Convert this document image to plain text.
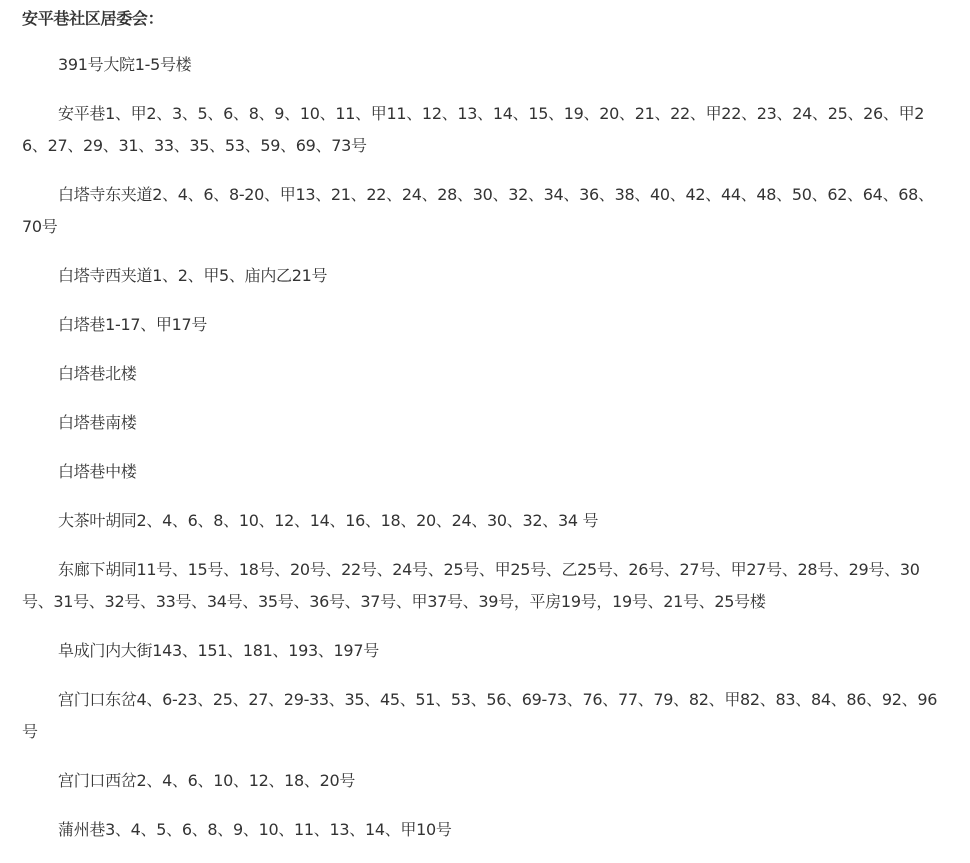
安平巷社区居委会：
391号大院1-5号楼
安平巷1、甲2、3、5、6、8、9、10、11、甲11、12、13、14、15、19、20、21、22、甲22、23、24、25、26、甲26、27、29、31、33、35、53、59、69、73号
白塔寺东夹道2、4、6、8-20、甲13、21、22、24、28、30、32、34、36、38、40、42、44、48、50、62、64、68、70号
白塔寺西夹道1、2、甲5、庙内乙21号
白塔巷1-17、甲17号
白塔巷北楼
白塔巷南楼
白塔巷中楼
大茶叶胡同2、4、6、8、10、12、14、16、18、20、24、30、32、34 号
东廊下胡同11号、15号、18号、20号、22号、24号、25号、甲25号、乙25号、26号、27号、甲27号、28号、29号、30号、31号、32号、33号、34号、35号、36号、37号、甲37号、39号，平房19号，19号、21号、25号楼
阜成门内大街143、151、181、193、197号
宫门口东岔4、6-23、25、27、29-33、35、45、51、53、56、69-73、76、77、79、82、甲82、83、84、86、92、96号
宫门口西岔2、4、6、10、12、18、20号
蒲州巷3、4、5、6、8、9、10、11、13、14、甲10号
